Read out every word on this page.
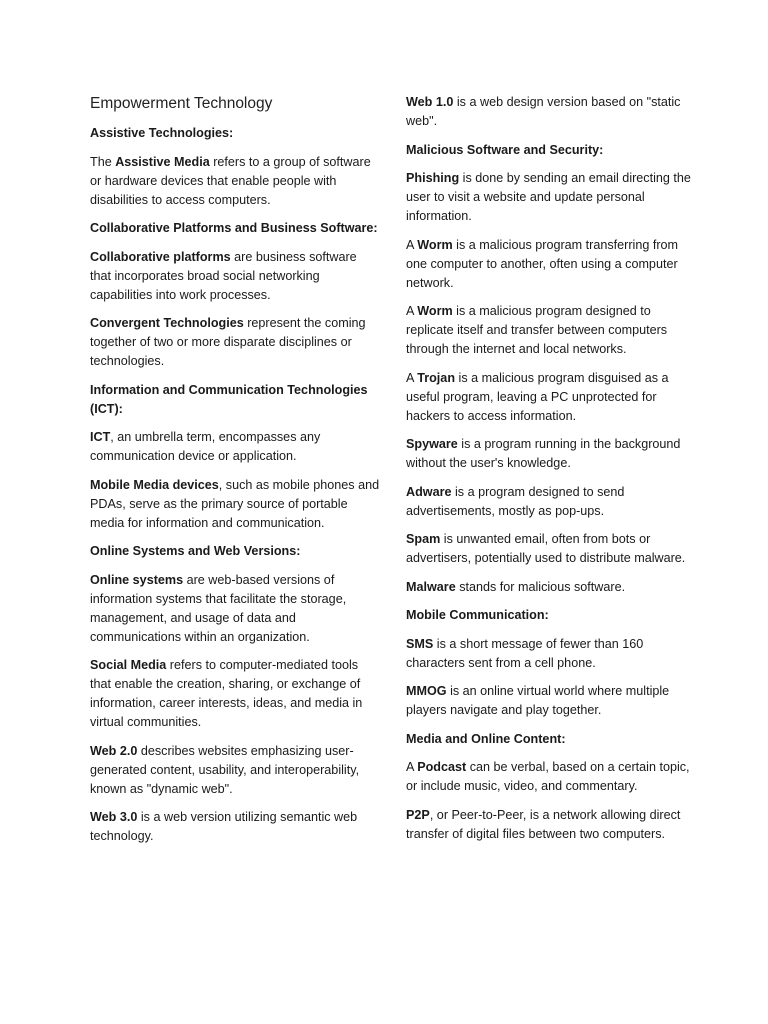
Empowerment Technology

Assistive Technologies:

The Assistive Media refers to a group of software or hardware devices that enable people with disabilities to access computers.

Collaborative Platforms and Business Software:

Collaborative platforms are business software that incorporates broad social networking capabilities into work processes.

Convergent Technologies represent the coming together of two or more disparate disciplines or technologies.

Information and Communication Technologies (ICT):

ICT, an umbrella term, encompasses any communication device or application.

Mobile Media devices, such as mobile phones and PDAs, serve as the primary source of portable media for information and communication.

Online Systems and Web Versions:

Online systems are web-based versions of information systems that facilitate the storage, management, and usage of data and communications within an organization.

Social Media refers to computer-mediated tools that enable the creation, sharing, or exchange of information, career interests, ideas, and media in virtual communities.

Web 2.0 describes websites emphasizing user-generated content, usability, and interoperability, known as "dynamic web".

Web 3.0 is a web version utilizing semantic web technology.

Web 1.0 is a web design version based on "static web".

Malicious Software and Security:

Phishing is done by sending an email directing the user to visit a website and update personal information.

A Worm is a malicious program transferring from one computer to another, often using a computer network.

A Worm is a malicious program designed to replicate itself and transfer between computers through the internet and local networks.

A Trojan is a malicious program disguised as a useful program, leaving a PC unprotected for hackers to access information.

Spyware is a program running in the background without the user's knowledge.

Adware is a program designed to send advertisements, mostly as pop-ups.

Spam is unwanted email, often from bots or advertisers, potentially used to distribute malware.

Malware stands for malicious software.

Mobile Communication:

SMS is a short message of fewer than 160 characters sent from a cell phone.

MMOG is an online virtual world where multiple players navigate and play together.

Media and Online Content:

A Podcast can be verbal, based on a certain topic, or include music, video, and commentary.

P2P, or Peer-to-Peer, is a network allowing direct transfer of digital files between two computers.
